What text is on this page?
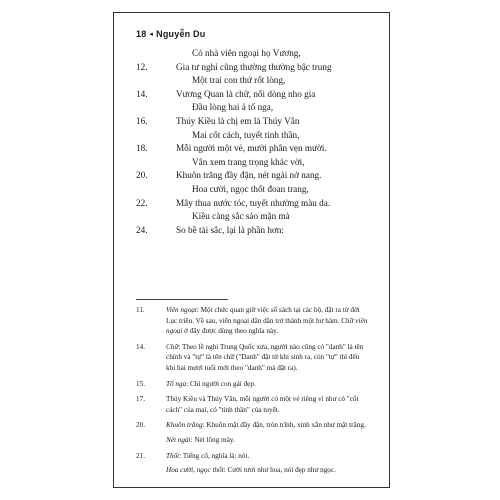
18 ◂ Nguyễn Du
Có nhà viên ngoại họ Vương,
12.	Gia tư nghỉ cũng thường thường bậc trung
Một trai con thứ rốt lòng,
14.	Vương Quan là chữ, nối dòng nho gia
Đầu lòng hai ả tố nga,
16.	Thúy Kiều là chị em là Thúy Vân
Mai cốt cách, tuyết tinh thần,
18.	Mỗi người một vẻ, mười phân vẹn mười.
Vân xem trang trọng khác vời,
20.	Khuôn trăng đầy đặn, nét ngài nở nang.
Hoa cười, ngọc thốt đoan trang,
22.	Mây thua nước tóc, tuyết nhường màu da.
Kiều càng sắc sảo mặn mà
24.	So bề tài sắc, lại là phần hơn:
11.	Viên ngoại: Một chức quan giữ việc sổ sách tại các bộ, đặt ra từ đời Lục triều. Về sau, viên ngoại dần dần trở thành một hư hàm. Chữ viên ngoại ở đây được dùng theo nghĩa này.

14.	Chữ: Theo lề nghi Trung Quốc xưa, người nào cũng có "danh" là tên chính và "tự" là tên chữ ("Danh" đặt từ khi sinh ra, còn "tự" thì đến khi hai mươi tuổi mới theo "danh" mà đặt ra).

15.	Tố nga: Chỉ người con gái đẹp.

17.	Thúy Kiều và Thúy Vân, mỗi người có một vẻ riêng ví như có "cốt cách" của mai, có "tinh thần" của tuyết.

20.	Khuôn trăng: Khuôn mặt đầy đặn, tròn trĩnh, xinh xắn như mặt trăng.

Nét ngài: Nét lông mày.

21.	Thốt: Tiếng cổ, nghĩa là: nói.

Hoa cười, ngọc thốt: Cười tươi như hoa, nói đẹp như ngọc.
